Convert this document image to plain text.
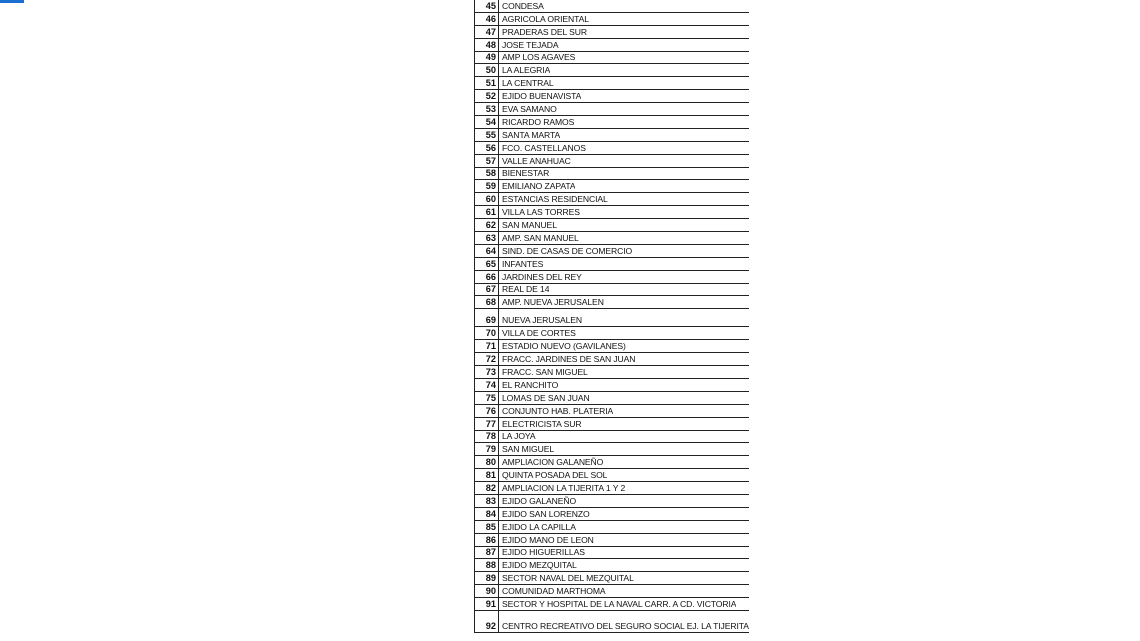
45 CONDESA
46 AGRICOLA ORIENTAL
47 PRADERAS DEL SUR
48 JOSE TEJADA
49 AMP LOS AGAVES
50 LA ALEGRIA
51 LA CENTRAL
52 EJIDO BUENAVISTA
53 EVA SAMANO
54 RICARDO RAMOS
55 SANTA MARTA
56 FCO. CASTELLANOS
57 VALLE ANAHUAC
58 BIENESTAR
59 EMILIANO ZAPATA
60 ESTANCIAS RESIDENCIAL
61 VILLA LAS TORRES
62 SAN MANUEL
63 AMP. SAN MANUEL
64 SIND. DE CASAS DE COMERCIO
65 INFANTES
66 JARDINES DEL REY
67 REAL DE 14
68 AMP. NUEVA JERUSALEN
69 NUEVA JERUSALEN
70 VILLA DE CORTES
71 ESTADIO NUEVO (GAVILANES)
72 FRACC. JARDINES DE SAN JUAN
73 FRACC. SAN MIGUEL
74 EL RANCHITO
75 LOMAS DE SAN JUAN
76 CONJUNTO HAB. PLATERIA
77 ELECTRICISTA SUR
78 LA JOYA
79 SAN MIGUEL
80 AMPLIACION GALANEÑO
81 QUINTA POSADA DEL SOL
82 AMPLIACION LA TIJERITA 1 Y 2
83 EJIDO GALANEÑO
84 EJIDO SAN LORENZO
85 EJIDO LA CAPILLA
86 EJIDO MANO DE LEON
87 EJIDO HIGUERILLAS
88 EJIDO MEZQUITAL
89 SECTOR NAVAL DEL MEZQUITAL
90 COMUNIDAD MARTHOMA
91 SECTOR Y HOSPITAL DE LA NAVAL CARR. A CD. VICTORIA
92 CENTRO RECREATIVO DEL SEGURO SOCIAL EJ. LA TIJERITA
